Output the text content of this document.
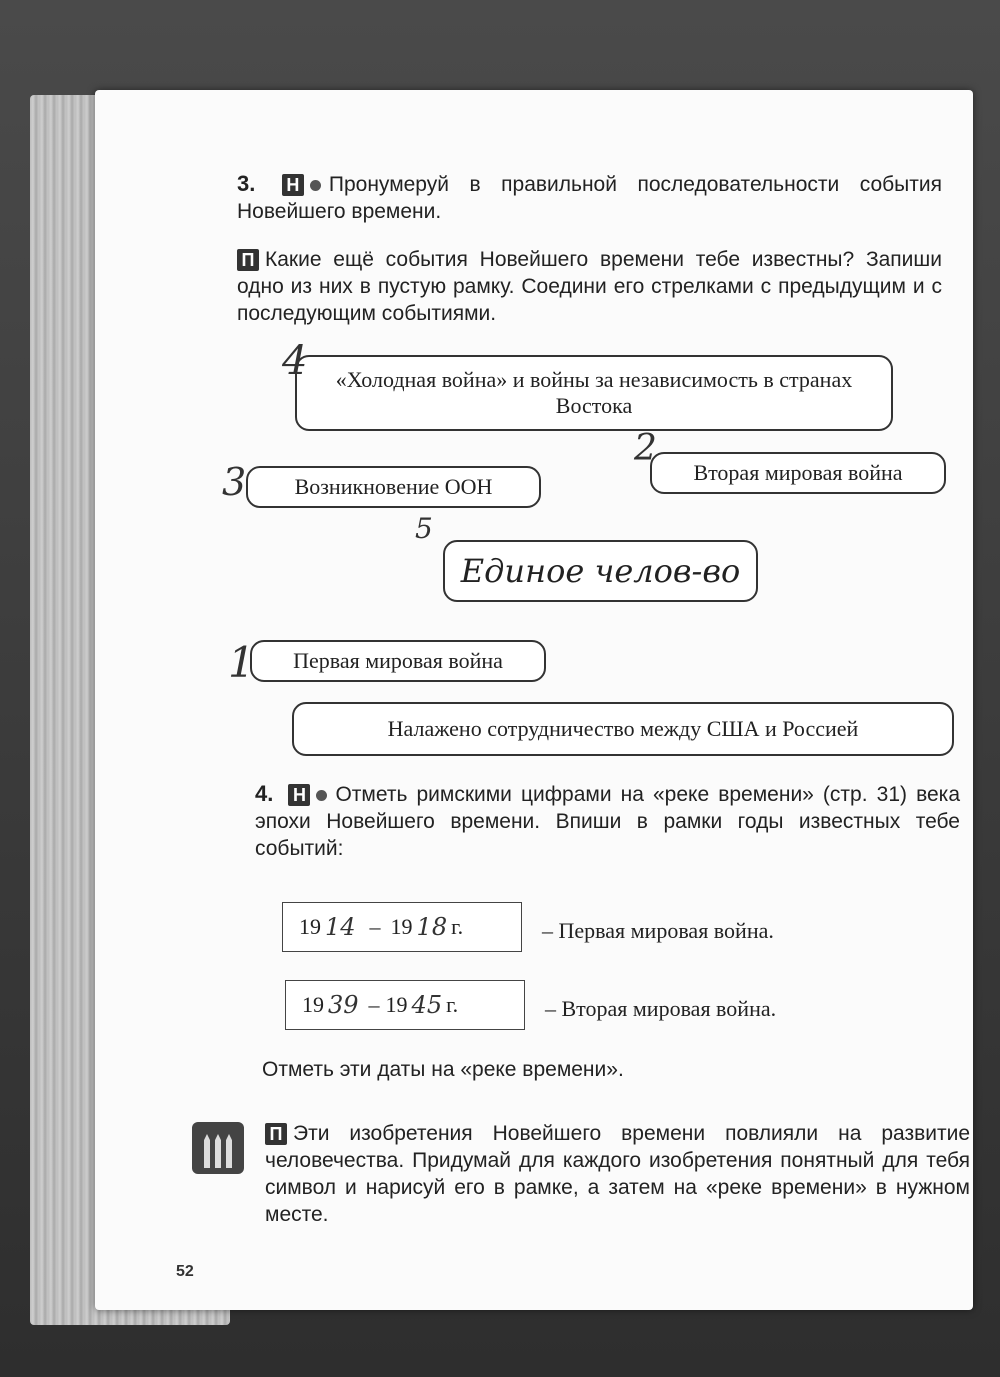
3. Н Пронумеруй в правильной последовательности события Новейшего времени.
П Какие ещё события Новейшего времени тебе известны? Запиши одно из них в пустую рамку. Соедини его стрелками с предыдущим и с последующим событиями.
«Холодная война» и войны за независимость в странах Востока
4
Вторая мировая война
2
Возникновение ООН
3
Единое челов-во
5
Первая мировая война
1
Налажено сотрудничество между США и Россией
4. Н Отметь римскими цифрами на «реке времени» (стр. 31) века эпохи Новейшего времени. Впиши в рамки годы известных тебе событий:
19 14 – 19 18 г.	– Первая мировая война.
19 39 – 19 45 г.	– Вторая мировая война.
Отметь эти даты на «реке времени».
П Эти изобретения Новейшего времени повлияли на развитие человечества. Придумай для каждого изобретения понятный для тебя символ и нарисуй его в рамке, а затем на «реке времени» в нужном месте.
52
